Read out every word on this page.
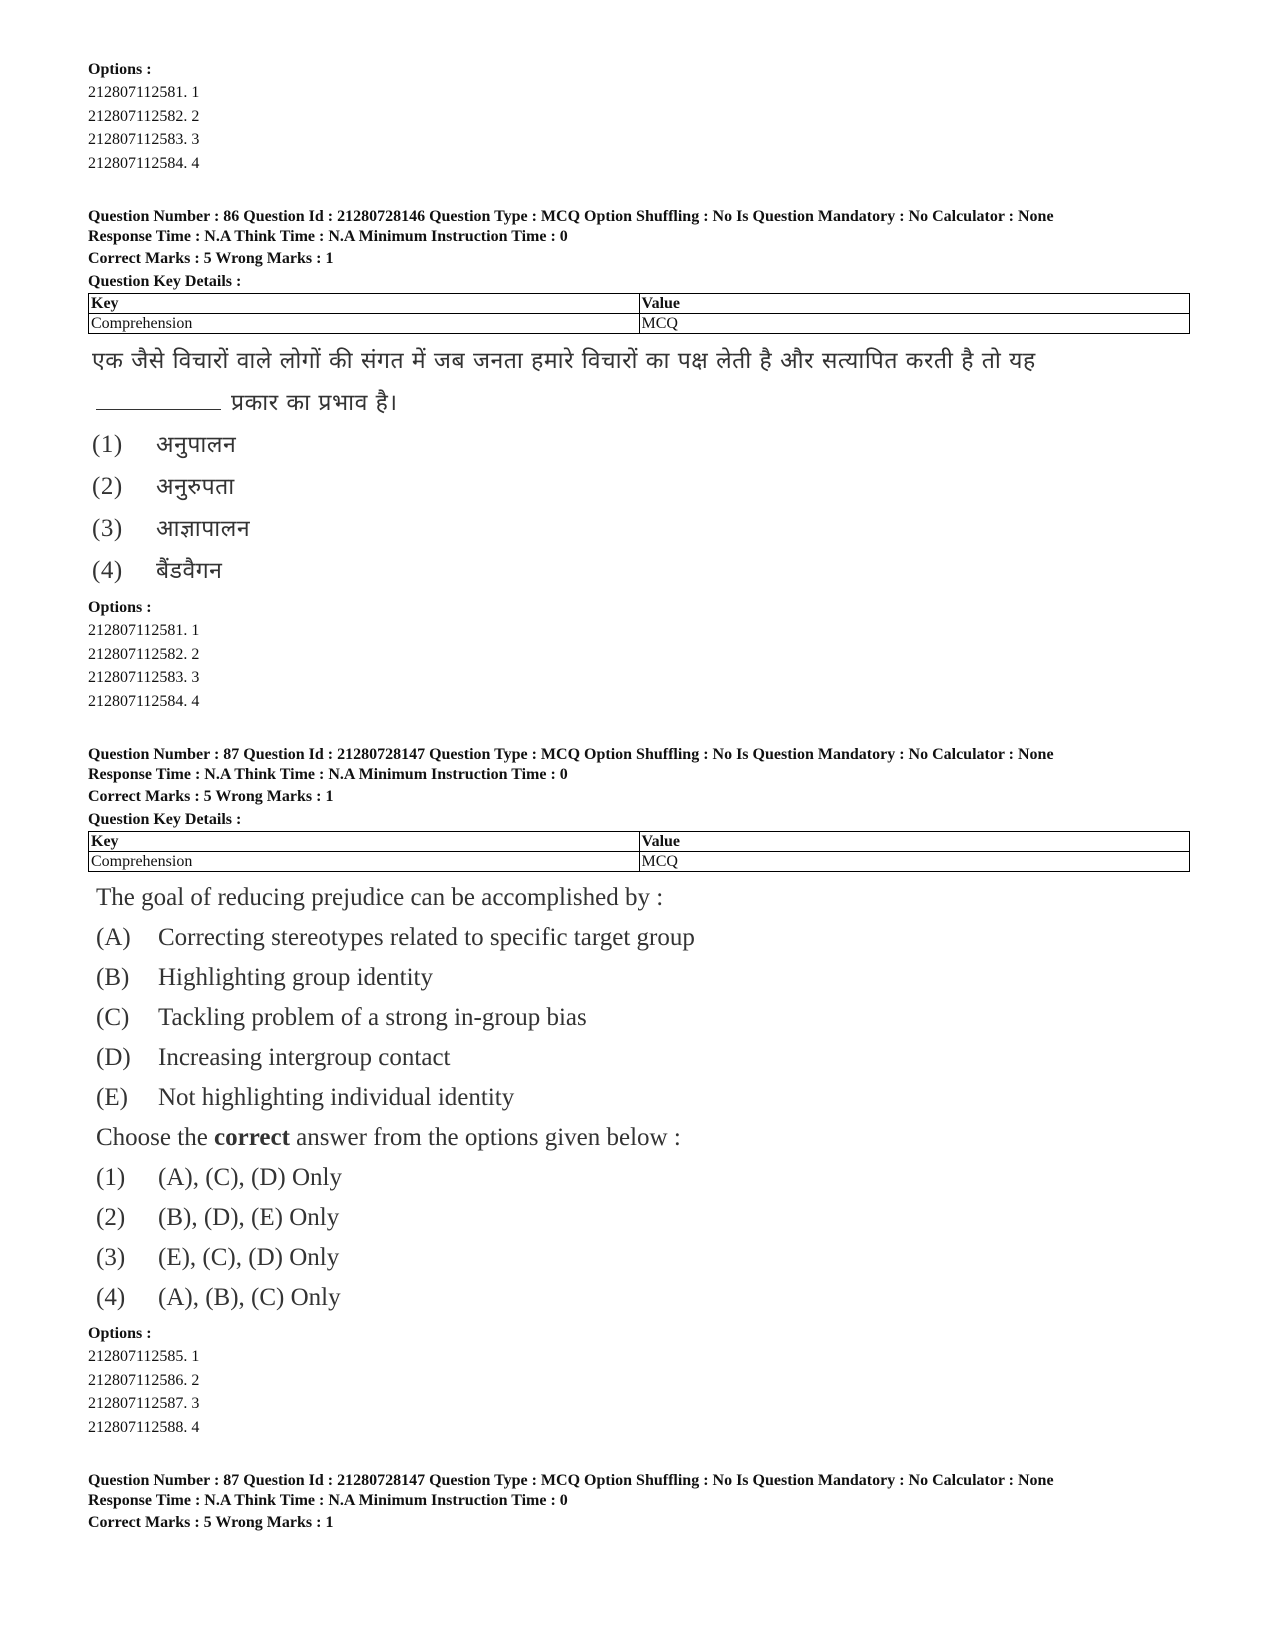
Options :
212807112581. 1
212807112582. 2
212807112583. 3
212807112584. 4
Question Number : 86 Question Id : 21280728146 Question Type : MCQ Option Shuffling : No Is Question Mandatory : No Calculator : None
Response Time : N.A Think Time : N.A Minimum Instruction Time : 0
Correct Marks : 5 Wrong Marks : 1
Question Key Details :
Key	Value
Comprehension	MCQ
एक जैसे विचारों वाले लोगों की संगत में जब जनता हमारे विचारों का पक्ष लेती है और सत्यापित करती है तो यह
प्रकार का प्रभाव है।
(1)	अनुपालन
(2)	अनुरुपता
(3)	आज्ञापालन
(4)	बैंडवैगन
Options :
212807112581. 1
212807112582. 2
212807112583. 3
212807112584. 4
Question Number : 87 Question Id : 21280728147 Question Type : MCQ Option Shuffling : No Is Question Mandatory : No Calculator : None
Response Time : N.A Think Time : N.A Minimum Instruction Time : 0
Correct Marks : 5 Wrong Marks : 1
Question Key Details :
Key	Value
Comprehension	MCQ
The goal of reducing prejudice can be accomplished by :
(A)	Correcting stereotypes related to specific target group
(B)	Highlighting group identity
(C)	Tackling problem of a strong in-group bias
(D)	Increasing intergroup contact
(E)	Not highlighting individual identity
Choose the correct answer from the options given below :
(1)	(A), (C), (D) Only
(2)	(B), (D), (E) Only
(3)	(E), (C), (D) Only
(4)	(A), (B), (C) Only
Options :
212807112585. 1
212807112586. 2
212807112587. 3
212807112588. 4
Question Number : 87 Question Id : 21280728147 Question Type : MCQ Option Shuffling : No Is Question Mandatory : No Calculator : None
Response Time : N.A Think Time : N.A Minimum Instruction Time : 0
Correct Marks : 5 Wrong Marks : 1
